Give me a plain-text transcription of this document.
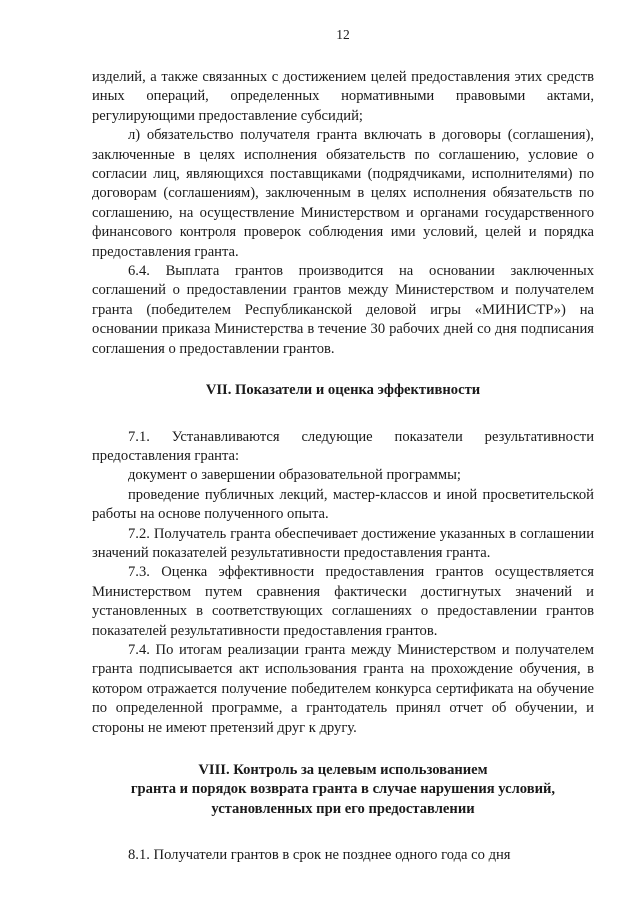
12

изделий, а также связанных с достижением целей предоставления этих средств иных операций, определенных нормативными правовыми актами, регулирующими предоставление субсидий;

л) обязательство получателя гранта включать в договоры (соглашения), заключенные в целях исполнения обязательств по соглашению, условие о согласии лиц, являющихся поставщиками (подрядчиками, исполнителями) по договорам (соглашениям), заключенным в целях исполнения обязательств по соглашению, на осуществление Министерством и органами государственного финансового контроля проверок соблюдения ими условий, целей и порядка предоставления гранта.

6.4. Выплата грантов производится на основании заключенных соглашений о предоставлении грантов между Министерством и получателем гранта (победителем Республиканской деловой игры «МИНИСТР») на основании приказа Министерства в течение 30 рабочих дней со дня подписания соглашения о предоставлении грантов.

VII. Показатели и оценка эффективности

7.1. Устанавливаются следующие показатели результативности предоставления гранта:

документ о завершении образовательной программы;

проведение публичных лекций, мастер-классов и иной просветительской работы на основе полученного опыта.

7.2. Получатель гранта обеспечивает достижение указанных в соглашении значений показателей результативности предоставления гранта.

7.3. Оценка эффективности предоставления грантов осуществляется Министерством путем сравнения фактически достигнутых значений и установленных в соответствующих соглашениях о предоставлении грантов показателей результативности предоставления грантов.

7.4. По итогам реализации гранта между Министерством и получателем гранта подписывается акт использования гранта на прохождение обучения, в котором отражается получение победителем конкурса сертификата на обучение по определенной программе, а грантодатель принял отчет об обучении, и стороны не имеют претензий друг к другу.

VIII. Контроль за целевым использованием
гранта и порядок возврата гранта в случае нарушения условий,
установленных при его предоставлении

8.1. Получатели грантов в срок не позднее одного года со дня
